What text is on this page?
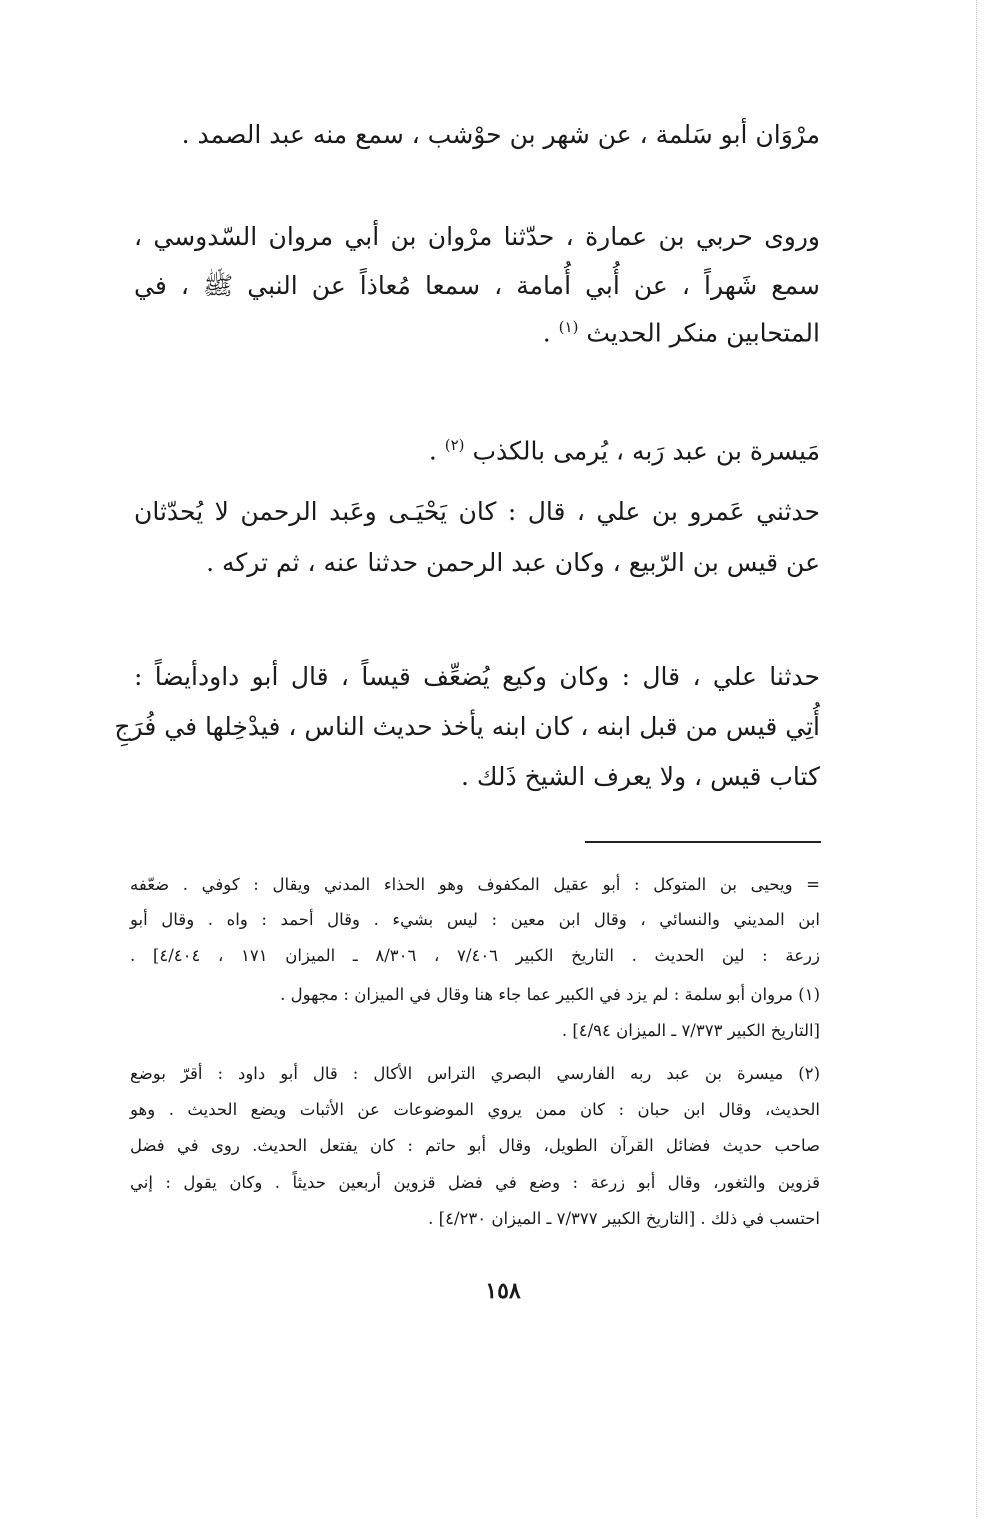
مرْوَان أبو سَلمة ، عن شهر بن حوْشب ، سمع منه عبد الصمد .
وروى حربي بن عمارة ، حدّثنا مرْوان بن أبي مروان السّدوسي ،
سمع شَهراً ، عن أُبي أُمامة ، سمعا مُعاذاً عن النبي ﷺ ، في
المتحابين منكر الحديث $^{(١)}$ .
مَيسرة بن عبد رَبه ، يُرمى بالكذب $^{(٢)}$ .
حدثني عَمرو بن علي ، قال : كان يَحْيَـى وعَبد الرحمن لا يُحدّثان
عن قيس بن الرّبيع ، وكان عبد الرحمن حدثنا عنه ، ثم تركه .
حدثنا علي ، قال : وكان وكيع يُضعِّف قيساً ، قال أبو داودأيضاً :
أُتِي قيس من قبل ابنه ، كان ابنه يأخذ حديث الناس ، فيدْخِلها في فُرَجِ
كتاب قيس ، ولا يعرف الشيخ ذَلك .
= ويحيى بن المتوكل : أبو عقيل المكفوف وهو الحذاء المدني ويقال : كوفي . ضعّفه
ابن المديني والنسائي ، وقال ابن معين : ليس بشيء . وقال أحمد : واه . وقال أبو
زرعة : لين الحديث . التاريخ الكبير ٧/٤٠٦ ، ٨/٣٠٦ ـ الميزان ١٧١ ، ٤/٤٠٤] .
(١) مروان أبو سلمة : لم يزد في الكبير عما جاء هنا وقال في الميزان : مجهول .
[التاريخ الكبير ٧/٣٧٣ ـ الميزان ٤/٩٤] .
(٢) ميسرة بن عبد ربه الفارسي البصري التراس الأكال : قال أبو داود : أقرّ بوضع
الحديث، وقال ابن حبان : كان ممن يروي الموضوعات عن الأثبات ويضع الحديث . وهو
صاحب حديث فضائل القرآن الطويل، وقال أبو حاتم : كان يفتعل الحديث. روى في فضل
قزوين والثغور، وقال أبو زرعة : وضع في فضل قزوين أربعين حديثاً . وكان يقول : إني
احتسب في ذلك . [التاريخ الكبير ٧/٣٧٧ ـ الميزان ٤/٢٣٠] .
١٥٨
